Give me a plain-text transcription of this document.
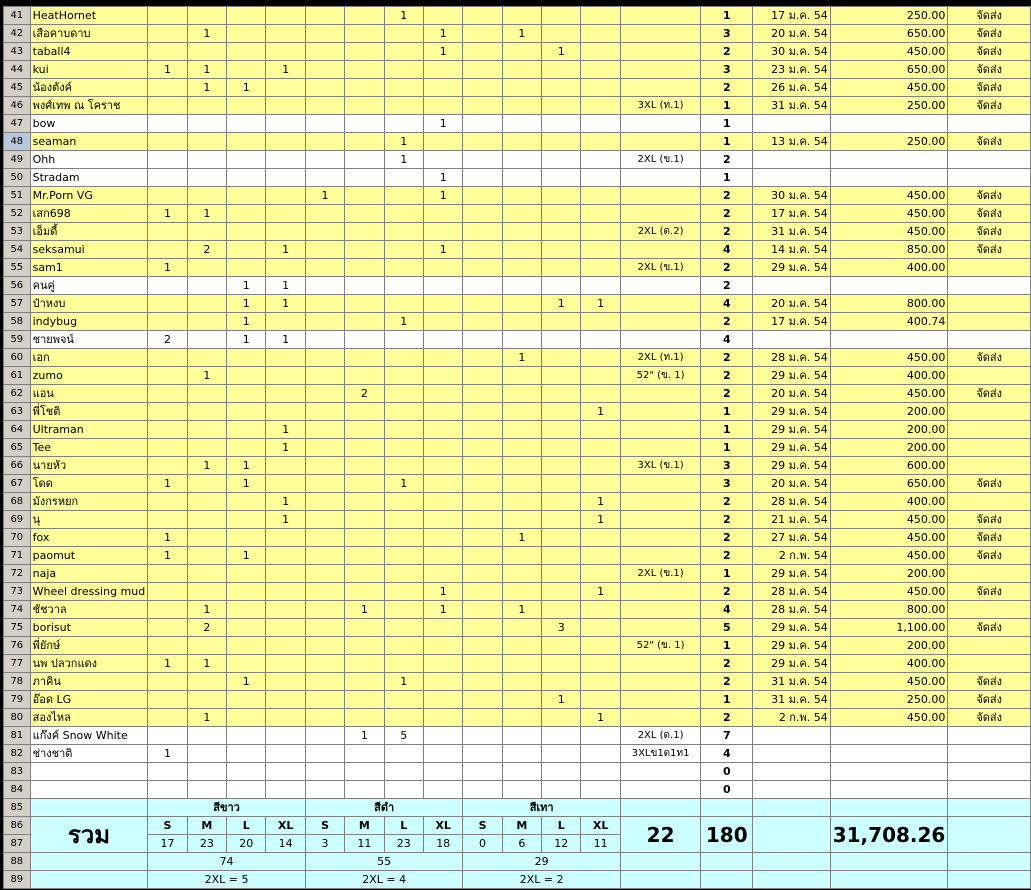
41	HeatHornet							1							1	17 ม.ค. 54	250.00	จัดส่ง
42	เสือคาบดาบ		1						1		1				3	20 ม.ค. 54	650.00	จัดส่ง
43	taball4								1			1			2	30 ม.ค. 54	450.00	จัดส่ง
44	kui	1	1		1										3	23 ม.ค. 54	650.00	จัดส่ง
45	น้องตังค์		1	1											2	26 ม.ค. 54	450.00	จัดส่ง
46	พงศ์เทพ ณ โคราช													3XL (ท.1)	1	31 ม.ค. 54	250.00	จัดส่ง
47	bow								1						1			
48	seaman							1							1	13 ม.ค. 54	250.00	จัดส่ง
49	Ohh							1						2XL (ข.1)	2			
50	Stradam								1						1			
51	Mr.Porn VG					1			1						2	30 ม.ค. 54	450.00	จัดส่ง
52	เสก698	1	1												2	17 ม.ค. 54	450.00	จัดส่ง
53	เอ็มดี้													2XL (ด.2)	2	31 ม.ค. 54	450.00	จัดส่ง
54	seksamui		2		1				1						4	14 ม.ค. 54	850.00	จัดส่ง
55	sam1	1												2XL (ข.1)	2	29 ม.ค. 54	400.00	
56	คนคู่			1	1										2			
57	ป๋าหงบ			1	1							1	1		4	20 ม.ค. 54	800.00	
58	indybug			1				1							2	17 ม.ค. 54	400.74	
59	ชายพจน์	2		1	1										4			
60	เอก										1			2XL (ท.1)	2	28 ม.ค. 54	450.00	จัดส่ง
61	zumo		1											52" (ข. 1)	2	29 ม.ค. 54	400.00	
62	แอน						2								2	20 ม.ค. 54	450.00	จัดส่ง
63	พี่โชติ												1		1	29 ม.ค. 54	200.00	
64	Ultraman				1										1	29 ม.ค. 54	200.00	
65	Tee				1										1	29 ม.ค. 54	200.00	
66	นายหัว		1	1										3XL (ข.1)	3	29 ม.ค. 54	600.00	
67	โดด	1		1				1							3	20 ม.ค. 54	650.00	จัดส่ง
68	มังกรหยก				1								1		2	28 ม.ค. 54	400.00	
69	นุ				1								1		2	21 ม.ค. 54	450.00	จัดส่ง
70	fox	1									1				2	27 ม.ค. 54	450.00	จัดส่ง
71	paomut	1		1											2	2 ก.พ. 54	450.00	จัดส่ง
72	naja													2XL (ข.1)	1	29 ม.ค. 54	200.00	
73	Wheel dressing mud								1				1		2	28 ม.ค. 54	450.00	จัดส่ง
74	ชัชวาล		1				1		1		1				4	28 ม.ค. 54	800.00	
75	borisut		2									3			5	29 ม.ค. 54	1,100.00	จัดส่ง
76	พี่ยักษ์													52" (ข. 1)	1	29 ม.ค. 54	200.00	
77	นพ ปลวกแดง	1	1												2	29 ม.ค. 54	400.00	
78	ภาคิน			1				1							2	31 ม.ค. 54	450.00	จัดส่ง
79	อ๊อด LG											1			1	31 ม.ค. 54	250.00	จัดส่ง
80	สองไหล		1										1		2	2 ก.พ. 54	450.00	จัดส่ง
81	แก๊งค์ Snow White						1	5						2XL (ด.1)	7			
82	ช่างชาติ	1												3XLข1ด1ท1	4			
83															0			
84															0			
85		สีขาว				สีดำ				สีเทา								
86	รวม	S	M	L	XL	S	M	L	XL	S	M	L	XL	22	180		31,708.26	
87		17	23	20	14	3	11	23	18	0	6	12	11					
88		74				55				29								
89		2XL = 5				2XL = 4				2XL = 2								
